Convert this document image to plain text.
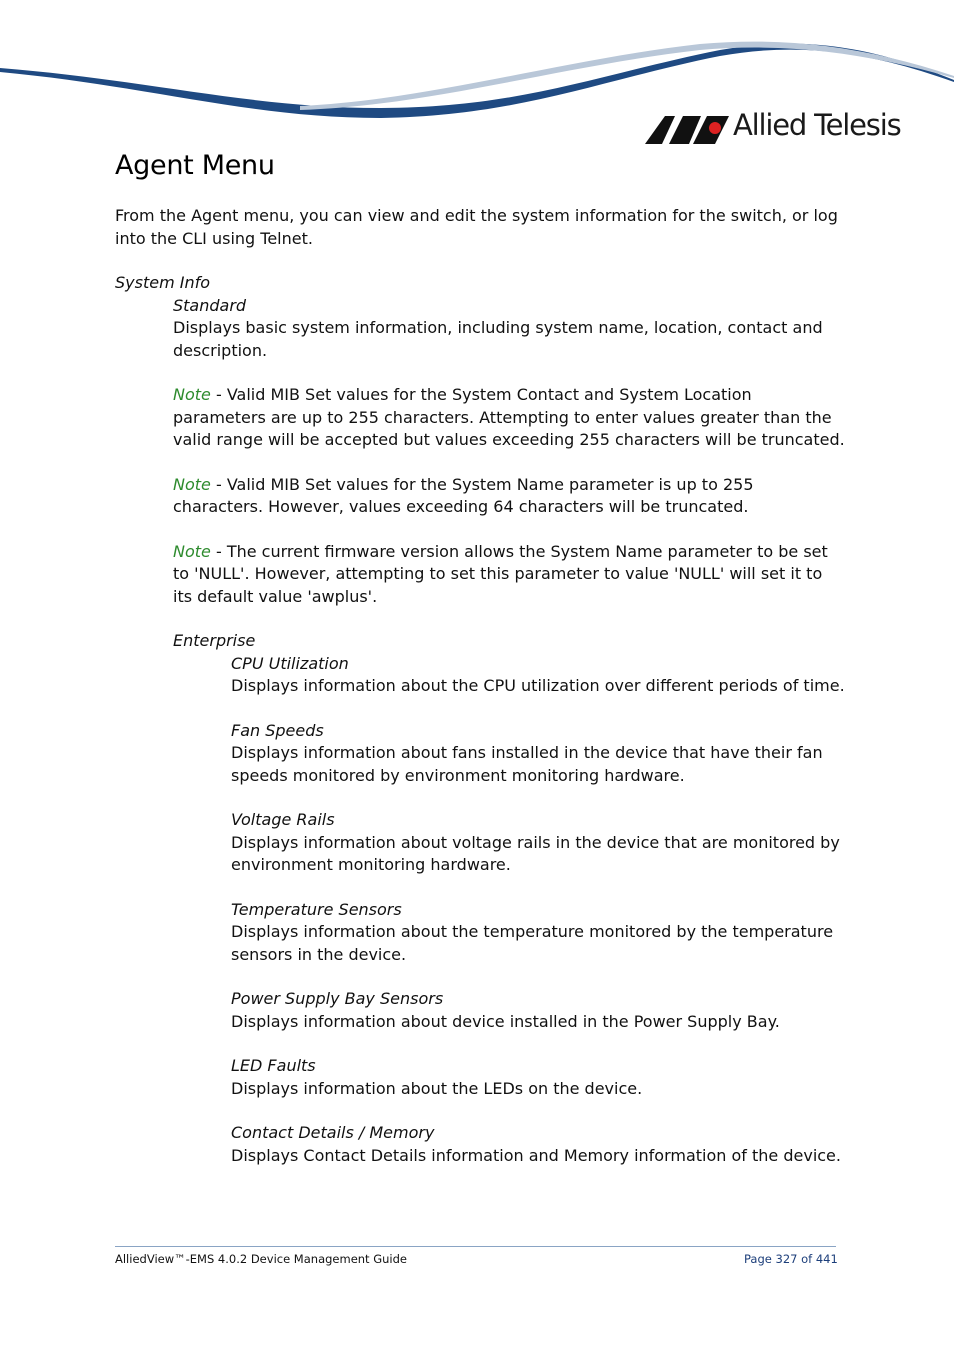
Allied Telesis
Agent Menu

From the Agent menu, you can view and edit the system information for the switch, or log into the CLI using Telnet.

System Info

Standard

Displays basic system information, including system name, location, contact and description.

Note - Valid MIB Set values for the System Contact and System Location parameters are up to 255 characters. Attempting to enter values greater than the valid range will be accepted but values exceeding 255 characters will be truncated.

Note - Valid MIB Set values for the System Name parameter is up to 255 characters. However, values exceeding 64 characters will be truncated.

Note - The current firmware version allows the System Name parameter to be set to 'NULL'. However, attempting to set this parameter to value 'NULL' will set it to its default value 'awplus'.

Enterprise

CPU Utilization

Displays information about the CPU utilization over different periods of time.

Fan Speeds

Displays information about fans installed in the device that have their fan speeds monitored by environment monitoring hardware.

Voltage Rails

Displays information about voltage rails in the device that are monitored by environment monitoring hardware.

Temperature Sensors

Displays information about the temperature monitored by the temperature sensors in the device.

Power Supply Bay Sensors

Displays information about device installed in the Power Supply Bay.

LED Faults

Displays information about the LEDs on the device.

Contact Details / Memory

Displays Contact Details information and Memory information of the device.

AlliedView™-EMS 4.0.2 Device Management Guide	Page 327 of 441
